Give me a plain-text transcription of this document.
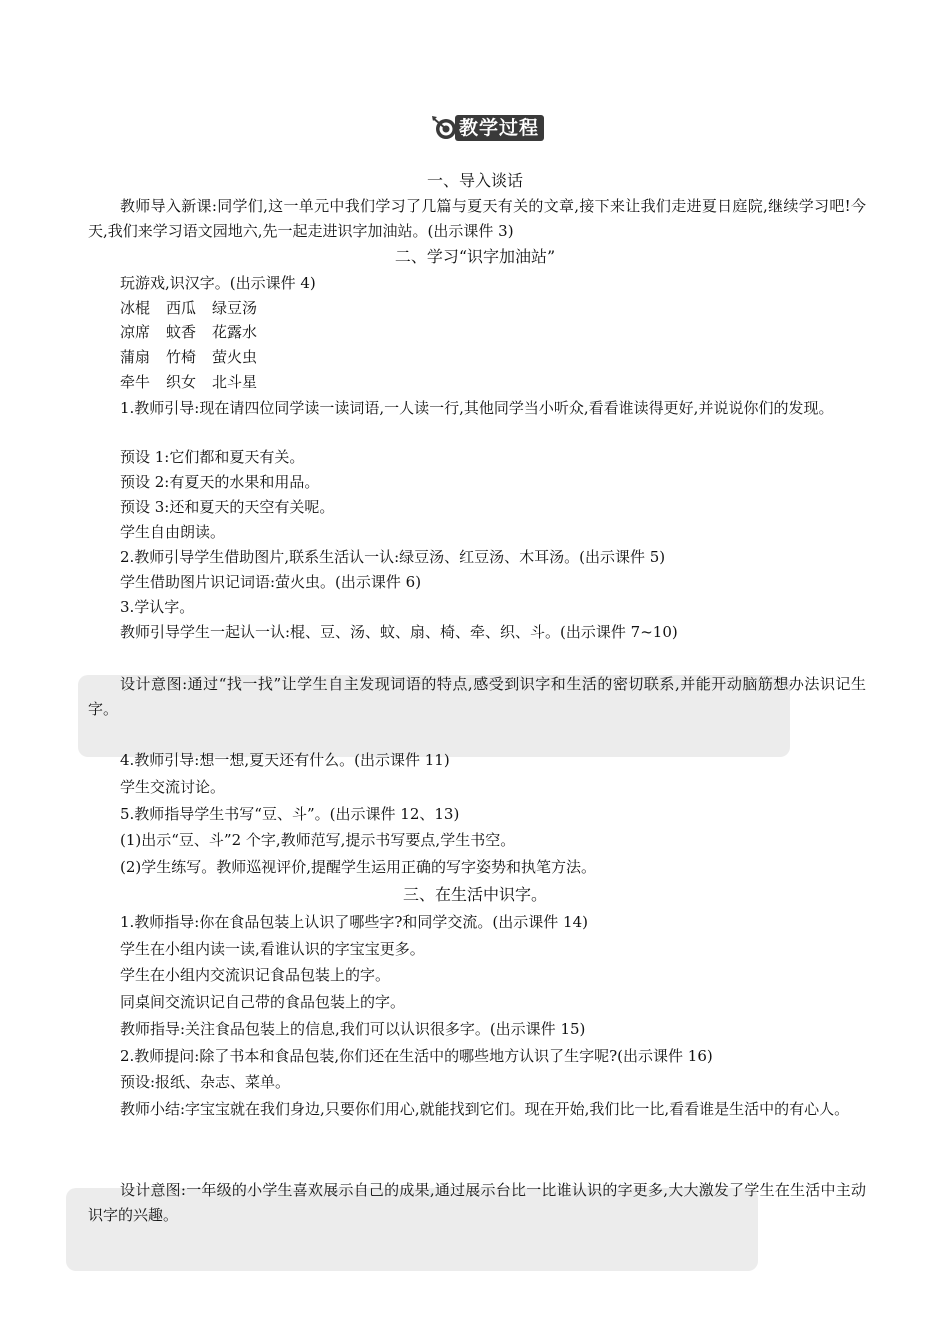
教学过程
一、导入谈话
教师导入新课:同学们,这一单元中我们学习了几篇与夏天有关的文章,接下来让我们走进夏日庭院,继续学习吧!今天,我们来学习语文园地六,先一起走进识字加油站。(出示课件 3)
二、学习“识字加油站”
玩游戏,识汉字。(出示课件 4)
冰棍 西瓜 绿豆汤
凉席 蚊香 花露水
蒲扇 竹椅 萤火虫
牵牛 织女 北斗星
1.教师引导:现在请四位同学读一读词语,一人读一行,其他同学当小听众,看看谁读得更好,并说说你们的发现。
预设 1:它们都和夏天有关。
预设 2:有夏天的水果和用品。
预设 3:还和夏天的天空有关呢。
学生自由朗读。
2.教师引导学生借助图片,联系生活认一认:绿豆汤、红豆汤、木耳汤。(出示课件 5)
学生借助图片识记词语:萤火虫。(出示课件 6)
3.学认字。
教师引导学生一起认一认:棍、豆、汤、蚊、扇、椅、牵、织、斗。(出示课件 7~10)
设计意图:通过“找一找”让学生自主发现词语的特点,感受到识字和生活的密切联系,并能开动脑筋想办法识记生字。
4.教师引导:想一想,夏天还有什么。(出示课件 11)
学生交流讨论。
5.教师指导学生书写“豆、斗”。(出示课件 12、13)
(1)出示“豆、斗”2 个字,教师范写,提示书写要点,学生书空。
(2)学生练写。教师巡视评价,提醒学生运用正确的写字姿势和执笔方法。
三、在生活中识字。
1.教师指导:你在食品包装上认识了哪些字?和同学交流。(出示课件 14)
学生在小组内读一读,看谁认识的字宝宝更多。
学生在小组内交流识记食品包装上的字。
同桌间交流识记自己带的食品包装上的字。
教师指导:关注食品包装上的信息,我们可以认识很多字。(出示课件 15)
2.教师提问:除了书本和食品包装,你们还在生活中的哪些地方认识了生字呢?(出示课件 16)
预设:报纸、杂志、菜单。
教师小结:字宝宝就在我们身边,只要你们用心,就能找到它们。现在开始,我们比一比,看看谁是生活中的有心人。
设计意图:一年级的小学生喜欢展示自己的成果,通过展示台比一比谁认识的字更多,大大激发了学生在生活中主动识字的兴趣。
